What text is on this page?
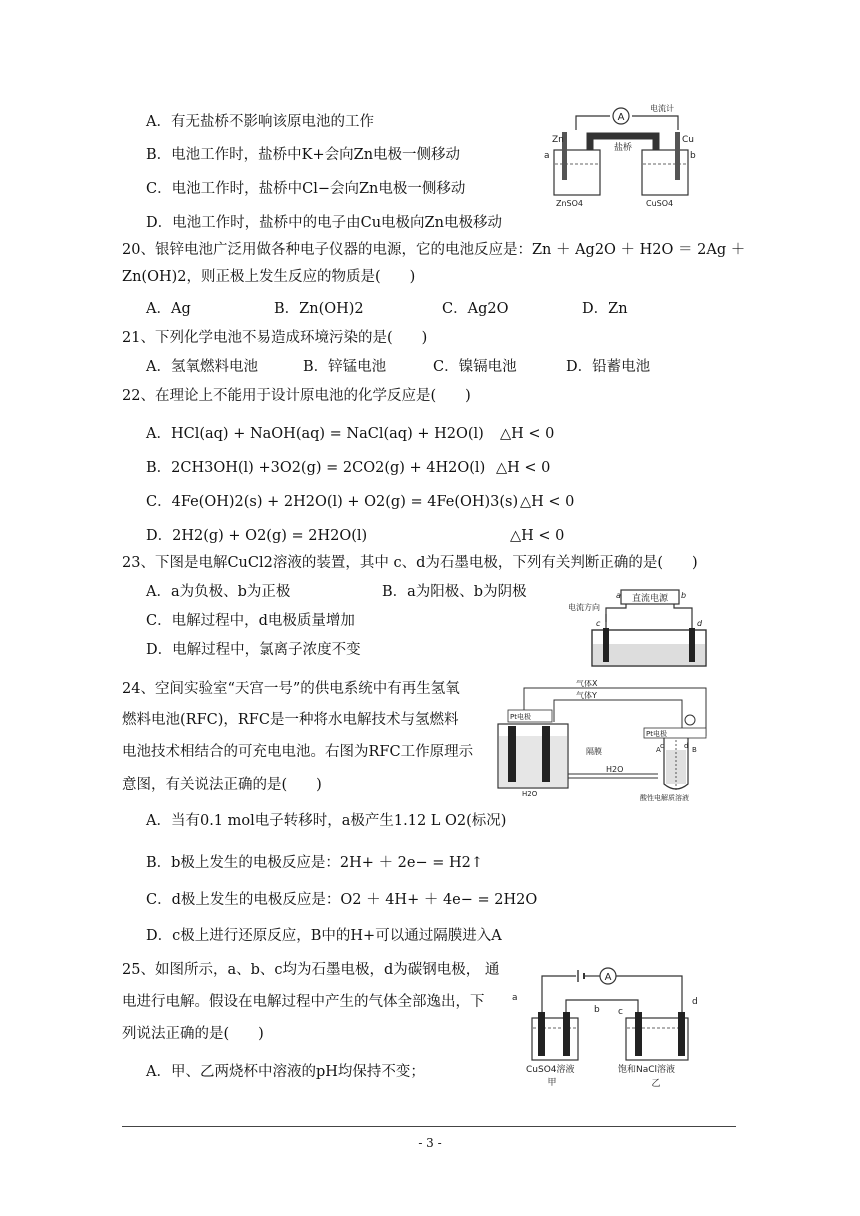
A．有无盐桥不影响该原电池的工作
B．电池工作时，盐桥中K+会向Zn电极一侧移动
C．电池工作时，盐桥中Cl−会向Zn电极一侧移动
D．电池工作时，盐桥中的电子由Cu电极向Zn电极移动
A
电流计
盐桥
Zn	Cu
a	b
ZnSO4	CuSO4
20、银锌电池广泛用做各种电子仪器的电源，它的电池反应是：Zn ＋ Ag2O ＋ H2O ＝ 2Ag ＋
Zn(OH)2，则正极上发生反应的物质是(　　)
A．Ag	B．Zn(OH)2	C．Ag2O	D．Zn
21、下列化学电池不易造成环境污染的是(　　)
A．氢氧燃料电池	B．锌锰电池	C．镍镉电池	D．铅蓄电池
22、在理论上不能用于设计原电池的化学反应是(　　)
A．HCl(aq) + NaOH(aq) = NaCl(aq) + H2O(l) △H < 0
B．2CH3OH(l) +3O2(g) = 2CO2(g) + 4H2O(l) △H < 0
C．4Fe(OH)2(s) + 2H2O(l) + O2(g) = 4Fe(OH)3(s) △H < 0
D．2H2(g) + O2(g) = 2H2O(l)	△H < 0
23、下图是电解CuCl2溶液的装置，其中 c、d为石墨电极，下列有关判断正确的是(　　)
A．a为负极、b为正极	B．a为阳极、b为阴极
C．电解过程中，d电极质量增加
D．电解过程中，氯离子浓度不变
直流电源
a	b
电流方向
c	d
24、空间实验室“天宫一号”的供电系统中有再生氢氧
燃料电池(RFC)，RFC是一种将水电解技术与氢燃料
电池技术相结合的可充电电池。右图为RFC工作原理示
意图，有关说法正确的是(　　)
A．当有0.1 mol电子转移时，a极产生1.12 L O2(标况)
B．b极上发生的电极反应是：2H+ ＋ 2e− = H2↑
C．d极上发生的电极反应是：O2 ＋ 4H+ ＋ 4e− = 2H2O
D．c极上进行还原反应，B中的H+可以通过隔膜进入A
气体X
气体Y
Pt电极
a	b
H2O
隔膜
H2O
Pt电极
A	B
c	d
酸性电解质溶液
25、如图所示，a、b、c均为石墨电极，d为碳钢电极， 通
电进行电解。假设在电解过程中产生的气体全部逸出，下
列说法正确的是(　　)
A．甲、乙两烧杯中溶液的pH均保持不变；
A
a
b c
d
CuSO4溶液
甲
饱和NaCl溶液
乙
- 3 -
